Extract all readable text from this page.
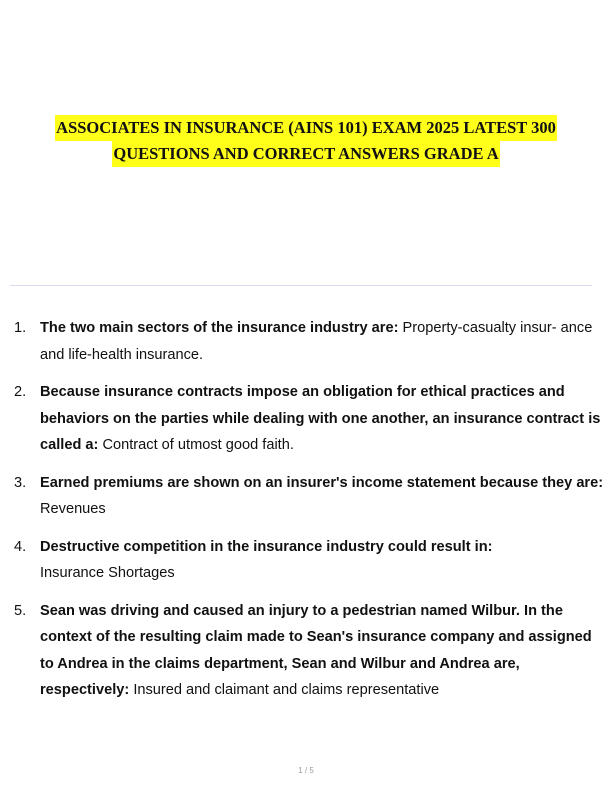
ASSOCIATES IN INSURANCE (AINS 101) EXAM 2025 LATEST 300
QUESTIONS AND CORRECT ANSWERS GRADE A
1. The two main sectors of the insurance industry are: Property-casualty insur- ance and life-health insurance.
2. Because insurance contracts impose an obligation for ethical practices and behaviors on the parties while dealing with one another, an insurance contract is called a: Contract of utmost good faith.
3. Earned premiums are shown on an insurer's income statement because they are: Revenues
4. Destructive competition in the insurance industry could result in:
Insurance Shortages
5. Sean was driving and caused an injury to a pedestrian named Wilbur. In the context of the resulting claim made to Sean's insurance company and assigned to Andrea in the claims department, Sean and Wilbur and Andrea are, respectively: Insured and claimant and claims representative
1 / 5
